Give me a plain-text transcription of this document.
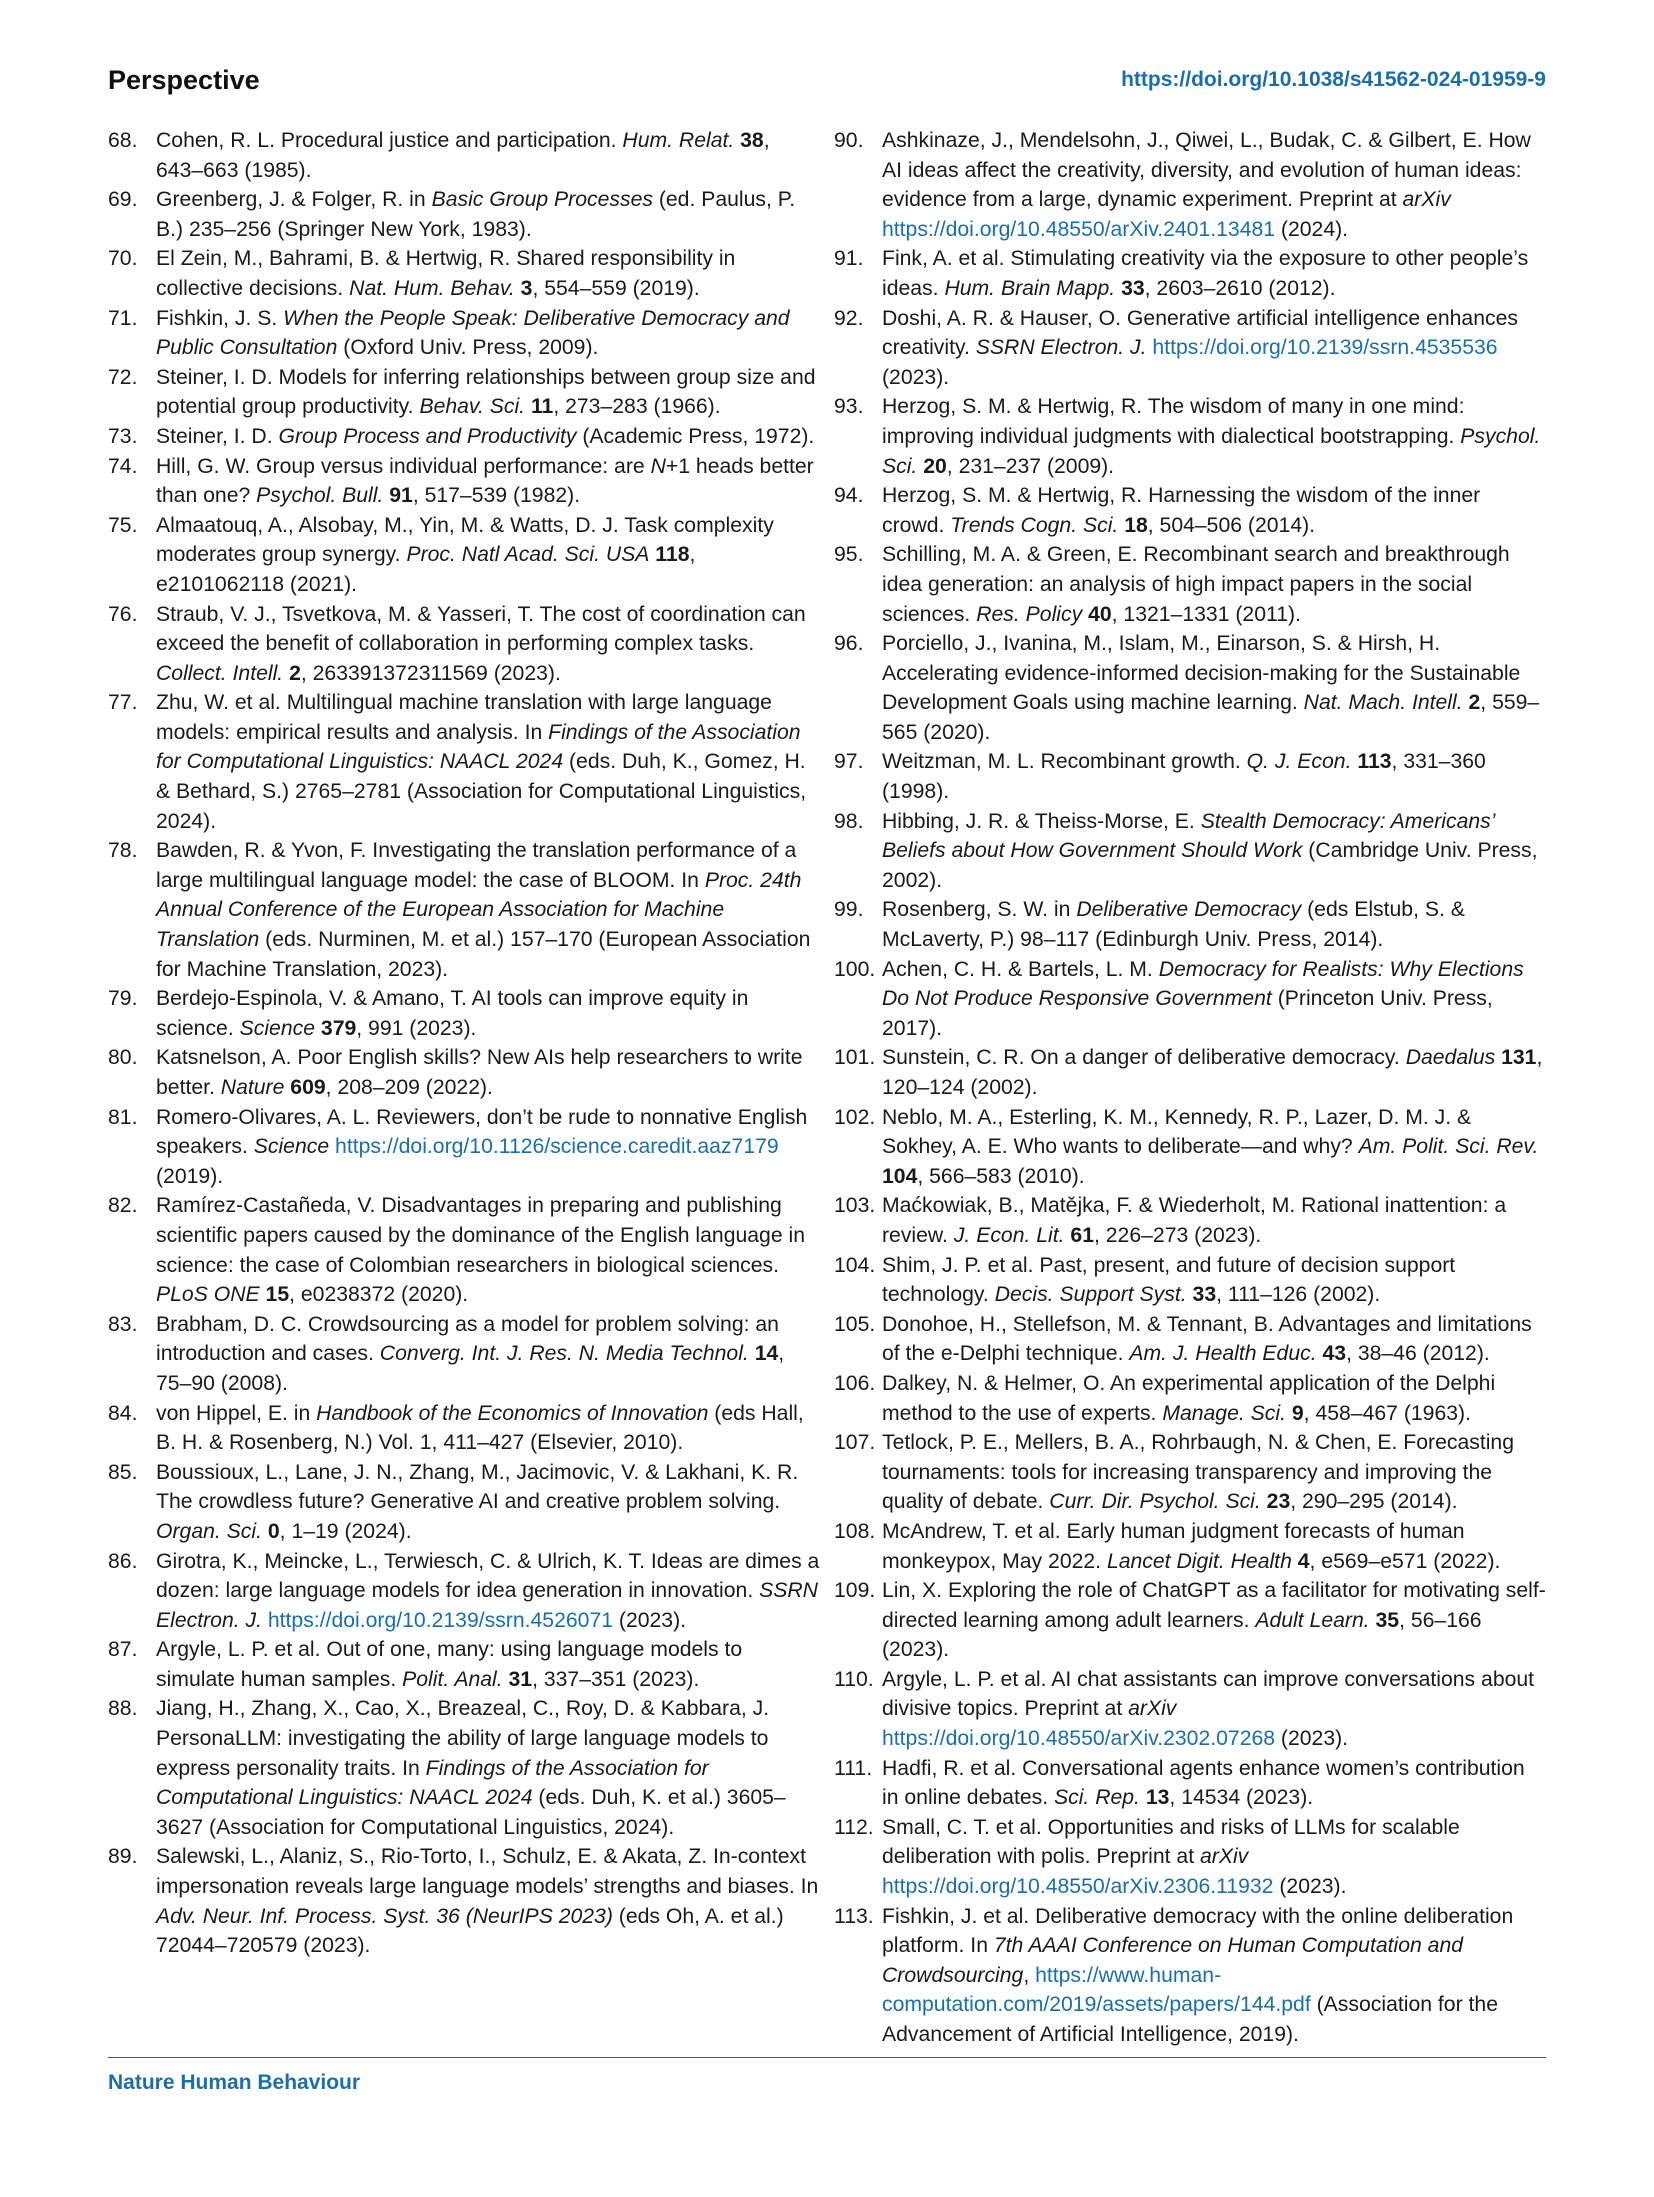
Perspective	https://doi.org/10.1038/s41562-024-01959-9
68. Cohen, R. L. Procedural justice and participation. Hum. Relat. 38, 643–663 (1985).
69. Greenberg, J. & Folger, R. in Basic Group Processes (ed. Paulus, P. B.) 235–256 (Springer New York, 1983).
70. El Zein, M., Bahrami, B. & Hertwig, R. Shared responsibility in collective decisions. Nat. Hum. Behav. 3, 554–559 (2019).
71. Fishkin, J. S. When the People Speak: Deliberative Democracy and Public Consultation (Oxford Univ. Press, 2009).
72. Steiner, I. D. Models for inferring relationships between group size and potential group productivity. Behav. Sci. 11, 273–283 (1966).
73. Steiner, I. D. Group Process and Productivity (Academic Press, 1972).
74. Hill, G. W. Group versus individual performance: are N+1 heads better than one? Psychol. Bull. 91, 517–539 (1982).
75. Almaatouq, A., Alsobay, M., Yin, M. & Watts, D. J. Task complexity moderates group synergy. Proc. Natl Acad. Sci. USA 118, e2101062118 (2021).
76. Straub, V. J., Tsvetkova, M. & Yasseri, T. The cost of coordination can exceed the benefit of collaboration in performing complex tasks. Collect. Intell. 2, 263391372311569 (2023).
77. Zhu, W. et al. Multilingual machine translation with large language models: empirical results and analysis. In Findings of the Association for Computational Linguistics: NAACL 2024 (eds. Duh, K., Gomez, H. & Bethard, S.) 2765–2781 (Association for Computational Linguistics, 2024).
78. Bawden, R. & Yvon, F. Investigating the translation performance of a large multilingual language model: the case of BLOOM. In Proc. 24th Annual Conference of the European Association for Machine Translation (eds. Nurminen, M. et al.) 157–170 (European Association for Machine Translation, 2023).
79. Berdejo-Espinola, V. & Amano, T. AI tools can improve equity in science. Science 379, 991 (2023).
80. Katsnelson, A. Poor English skills? New AIs help researchers to write better. Nature 609, 208–209 (2022).
81. Romero-Olivares, A. L. Reviewers, don’t be rude to nonnative English speakers. Science https://doi.org/10.1126/science.caredit.aaz7179 (2019).
82. Ramírez-Castañeda, V. Disadvantages in preparing and publishing scientific papers caused by the dominance of the English language in science: the case of Colombian researchers in biological sciences. PLoS ONE 15, e0238372 (2020).
83. Brabham, D. C. Crowdsourcing as a model for problem solving: an introduction and cases. Converg. Int. J. Res. N. Media Technol. 14, 75–90 (2008).
84. von Hippel, E. in Handbook of the Economics of Innovation (eds Hall, B. H. & Rosenberg, N.) Vol. 1, 411–427 (Elsevier, 2010).
85. Boussioux, L., Lane, J. N., Zhang, M., Jacimovic, V. & Lakhani, K. R. The crowdless future? Generative AI and creative problem solving. Organ. Sci. 0, 1–19 (2024).
86. Girotra, K., Meincke, L., Terwiesch, C. & Ulrich, K. T. Ideas are dimes a dozen: large language models for idea generation in innovation. SSRN Electron. J. https://doi.org/10.2139/ssrn.4526071 (2023).
87. Argyle, L. P. et al. Out of one, many: using language models to simulate human samples. Polit. Anal. 31, 337–351 (2023).
88. Jiang, H., Zhang, X., Cao, X., Breazeal, C., Roy, D. & Kabbara, J. PersonaLLM: investigating the ability of large language models to express personality traits. In Findings of the Association for Computational Linguistics: NAACL 2024 (eds. Duh, K. et al.) 3605–3627 (Association for Computational Linguistics, 2024).
89. Salewski, L., Alaniz, S., Rio-Torto, I., Schulz, E. & Akata, Z. In-context impersonation reveals large language models’ strengths and biases. In Adv. Neur. Inf. Process. Syst. 36 (NeurIPS 2023) (eds Oh, A. et al.) 72044–720579 (2023).
90. Ashkinaze, J., Mendelsohn, J., Qiwei, L., Budak, C. & Gilbert, E. How AI ideas affect the creativity, diversity, and evolution of human ideas: evidence from a large, dynamic experiment. Preprint at arXiv https://doi.org/10.48550/arXiv.2401.13481 (2024).
91. Fink, A. et al. Stimulating creativity via the exposure to other people’s ideas. Hum. Brain Mapp. 33, 2603–2610 (2012).
92. Doshi, A. R. & Hauser, O. Generative artificial intelligence enhances creativity. SSRN Electron. J. https://doi.org/10.2139/ssrn.4535536 (2023).
93. Herzog, S. M. & Hertwig, R. The wisdom of many in one mind: improving individual judgments with dialectical bootstrapping. Psychol. Sci. 20, 231–237 (2009).
94. Herzog, S. M. & Hertwig, R. Harnessing the wisdom of the inner crowd. Trends Cogn. Sci. 18, 504–506 (2014).
95. Schilling, M. A. & Green, E. Recombinant search and breakthrough idea generation: an analysis of high impact papers in the social sciences. Res. Policy 40, 1321–1331 (2011).
96. Porciello, J., Ivanina, M., Islam, M., Einarson, S. & Hirsh, H. Accelerating evidence-informed decision-making for the Sustainable Development Goals using machine learning. Nat. Mach. Intell. 2, 559–565 (2020).
97. Weitzman, M. L. Recombinant growth. Q. J. Econ. 113, 331–360 (1998).
98. Hibbing, J. R. & Theiss-Morse, E. Stealth Democracy: Americans’ Beliefs about How Government Should Work (Cambridge Univ. Press, 2002).
99. Rosenberg, S. W. in Deliberative Democracy (eds Elstub, S. & McLaverty, P.) 98–117 (Edinburgh Univ. Press, 2014).
100. Achen, C. H. & Bartels, L. M. Democracy for Realists: Why Elections Do Not Produce Responsive Government (Princeton Univ. Press, 2017).
101. Sunstein, C. R. On a danger of deliberative democracy. Daedalus 131, 120–124 (2002).
102. Neblo, M. A., Esterling, K. M., Kennedy, R. P., Lazer, D. M. J. & Sokhey, A. E. Who wants to deliberate—and why? Am. Polit. Sci. Rev. 104, 566–583 (2010).
103. Maćkowiak, B., Matějka, F. & Wiederholt, M. Rational inattention: a review. J. Econ. Lit. 61, 226–273 (2023).
104. Shim, J. P. et al. Past, present, and future of decision support technology. Decis. Support Syst. 33, 111–126 (2002).
105. Donohoe, H., Stellefson, M. & Tennant, B. Advantages and limitations of the e-Delphi technique. Am. J. Health Educ. 43, 38–46 (2012).
106. Dalkey, N. & Helmer, O. An experimental application of the Delphi method to the use of experts. Manage. Sci. 9, 458–467 (1963).
107. Tetlock, P. E., Mellers, B. A., Rohrbaugh, N. & Chen, E. Forecasting tournaments: tools for increasing transparency and improving the quality of debate. Curr. Dir. Psychol. Sci. 23, 290–295 (2014).
108. McAndrew, T. et al. Early human judgment forecasts of human monkeypox, May 2022. Lancet Digit. Health 4, e569–e571 (2022).
109. Lin, X. Exploring the role of ChatGPT as a facilitator for motivating self-directed learning among adult learners. Adult Learn. 35, 56–166 (2023).
110. Argyle, L. P. et al. AI chat assistants can improve conversations about divisive topics. Preprint at arXiv https://doi.org/10.48550/arXiv.2302.07268 (2023).
111. Hadfi, R. et al. Conversational agents enhance women’s contribution in online debates. Sci. Rep. 13, 14534 (2023).
112. Small, C. T. et al. Opportunities and risks of LLMs for scalable deliberation with polis. Preprint at arXiv https://doi.org/10.48550/arXiv.2306.11932 (2023).
113. Fishkin, J. et al. Deliberative democracy with the online deliberation platform. In 7th AAAI Conference on Human Computation and Crowdsourcing, https://www.human-computation.com/2019/assets/papers/144.pdf (Association for the Advancement of Artificial Intelligence, 2019).
Nature Human Behaviour
